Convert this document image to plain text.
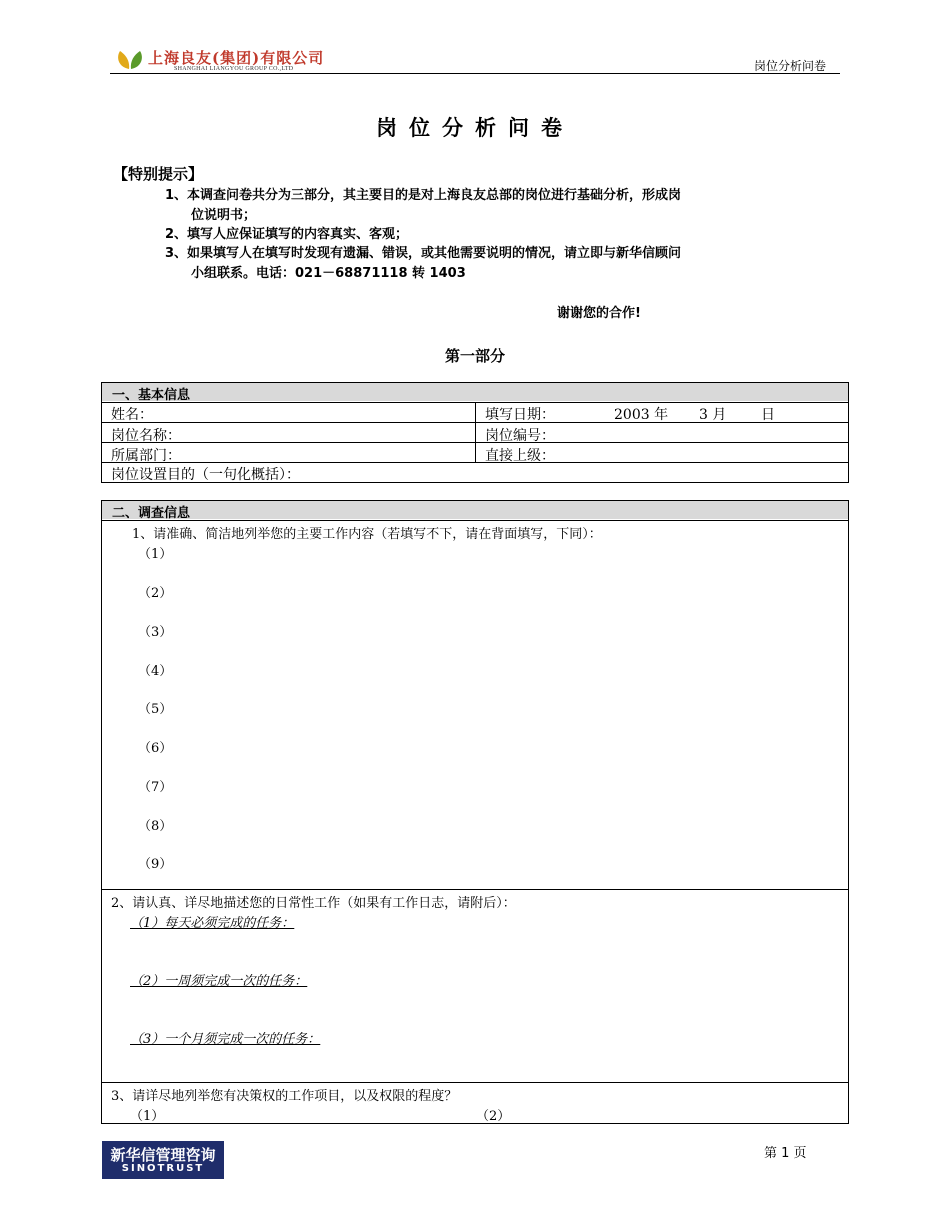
上海良友(集团)有限公司
SHANGHAI LIANGYOU GROUP CO.,LTD	岗位分析问卷
岗位分析问卷
【特别提示】
1、本调查问卷共分为三部分，其主要目的是对上海良友总部的岗位进行基础分析，形成岗
位说明书；
2、填写人应保证填写的内容真实、客观；
3、如果填写人在填写时发现有遗漏、错误，或其他需要说明的情况，请立即与新华信顾问
小组联系。电话：021－68871118 转 1403
谢谢您的合作!
第一部分
一、基本信息
姓名：	填写日期：	2003 年 3 月 日
岗位名称：	岗位编号：
所属部门：	直接上级：
岗位设置目的（一句化概括）：
二、调查信息
1、请准确、简洁地列举您的主要工作内容（若填写不下，请在背面填写，下同）：
（1）
（2）
（3）
（4）
（5）
（6）
（7）
（8）
（9）
2、请认真、详尽地描述您的日常性工作（如果有工作日志，请附后）：
（1）每天必须完成的任务：
（2）一周须完成一次的任务：
（3）一个月须完成一次的任务：
3、请详尽地列举您有决策权的工作项目，以及权限的程度？
（1）	（2）
新华信管理咨询
SINOTRUST
第 1 页
